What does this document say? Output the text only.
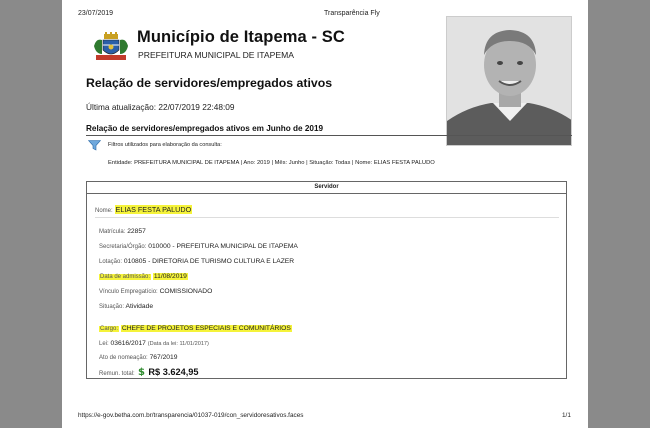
23/07/2019	Transparência Fly
Município de Itapema - SC
PREFEITURA MUNICIPAL DE ITAPEMA
Relação de servidores/empregados ativos
Última atualização: 22/07/2019 22:48:09
Relação de servidores/empregados ativos em Junho de 2019
Filtros utilizados para elaboração da consulta:
Entidade: PREFEITURA MUNICIPAL DE ITAPEMA | Ano: 2019 | Mês: Junho | Situação: Todas | Nome: ELIAS FESTA PALUDO
Servidor
Nome: ELIAS FESTA PALUDO
Matrícula: 22857
Secretaria/Órgão: 010000 - PREFEITURA MUNICIPAL DE ITAPEMA
Lotação: 010805 - DIRETORIA DE TURISMO CULTURA E LAZER
Data de admissão: 11/08/2019
Vínculo Empregatício: COMISSIONADO
Situação: Atividade
Cargo: CHEFE DE PROJETOS ESPECIAIS E COMUNITÁRIOS
Lei: 03616/2017 (Data da lei: 11/01/2017)
Ato de nomeação: 767/2019
Remun. total: $ R$ 3.624,95
https://e-gov.betha.com.br/transparencia/01037-019/con_servidoresativos.faces	1/1
